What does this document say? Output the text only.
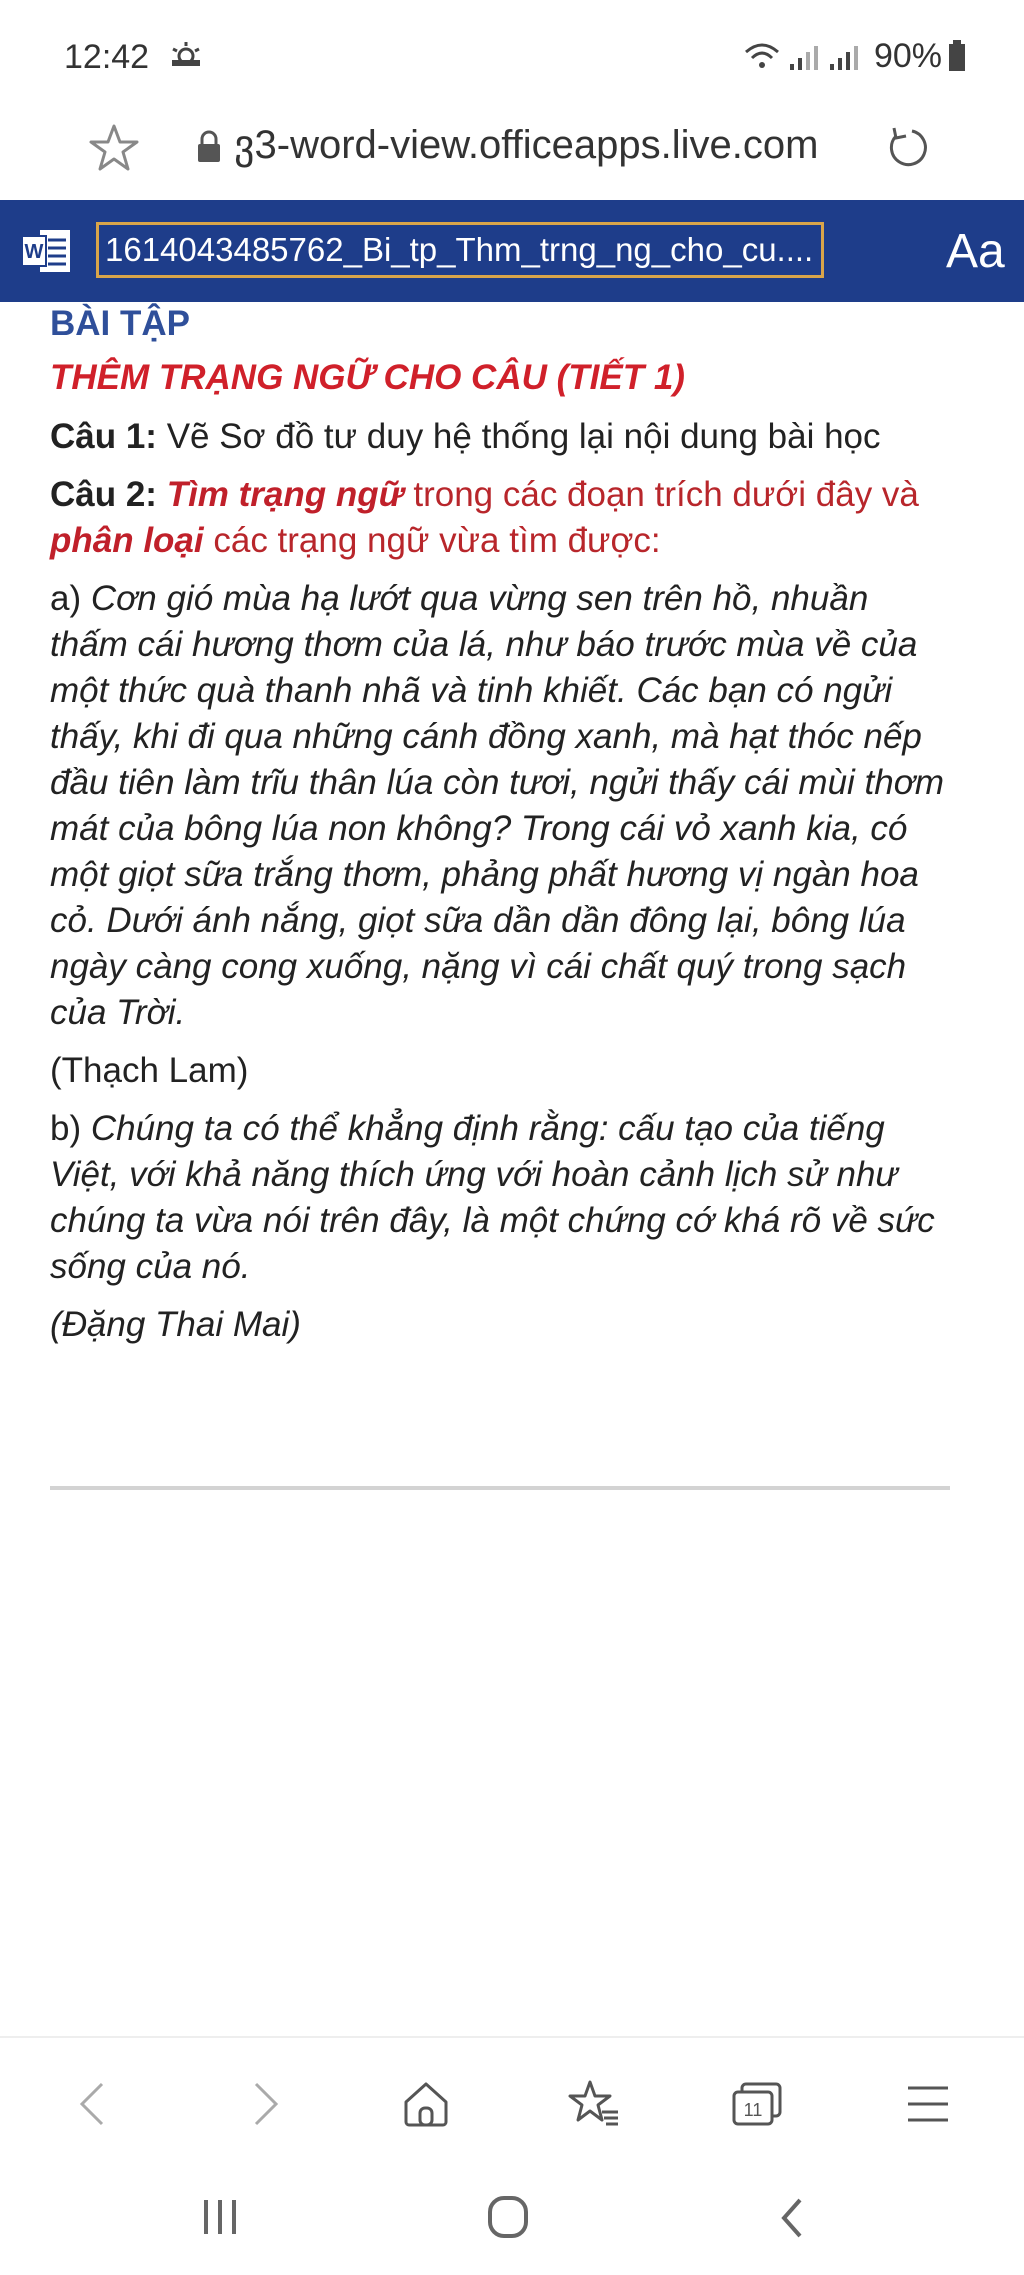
12:42	90%
ვ3-word-view.officeapps.live.com
W 1614043485762_Bi_tp_Thm_trng_ng_cho_cu....	Aa

BÀI TẬP

THÊM TRẠNG NGỮ CHO CÂU (TIẾT 1)

Câu 1: Vẽ Sơ đồ tư duy hệ thống lại nội dung bài học

Câu 2: Tìm trạng ngữ trong các đoạn trích dưới đây và phân loại các trạng ngữ vừa tìm được:

a) Cơn gió mùa hạ lướt qua vừng sen trên hồ, nhuần thấm cái hương thơm của lá, như báo trước mùa về của một thức quà thanh nhã và tinh khiết. Các bạn có ngửi thấy, khi đi qua những cánh đồng xanh, mà hạt thóc nếp đầu tiên làm trĩu thân lúa còn tươi, ngửi thấy cái mùi thơm mát của bông lúa non không? Trong cái vỏ xanh kia, có một giọt sữa trắng thơm, phảng phất hương vị ngàn hoa cỏ. Dưới ánh nắng, giọt sữa dần dần đông lại, bông lúa ngày càng cong xuống, nặng vì cái chất quý trong sạch của Trời.

(Thạch Lam)

b) Chúng ta có thể khẳng định rằng: cấu tạo của tiếng Việt, với khả năng thích ứng với hoàn cảnh lịch sử như chúng ta vừa nói trên đây, là một chứng cớ khá rõ về sức sống của nó.

(Đặng Thai Mai)

11
